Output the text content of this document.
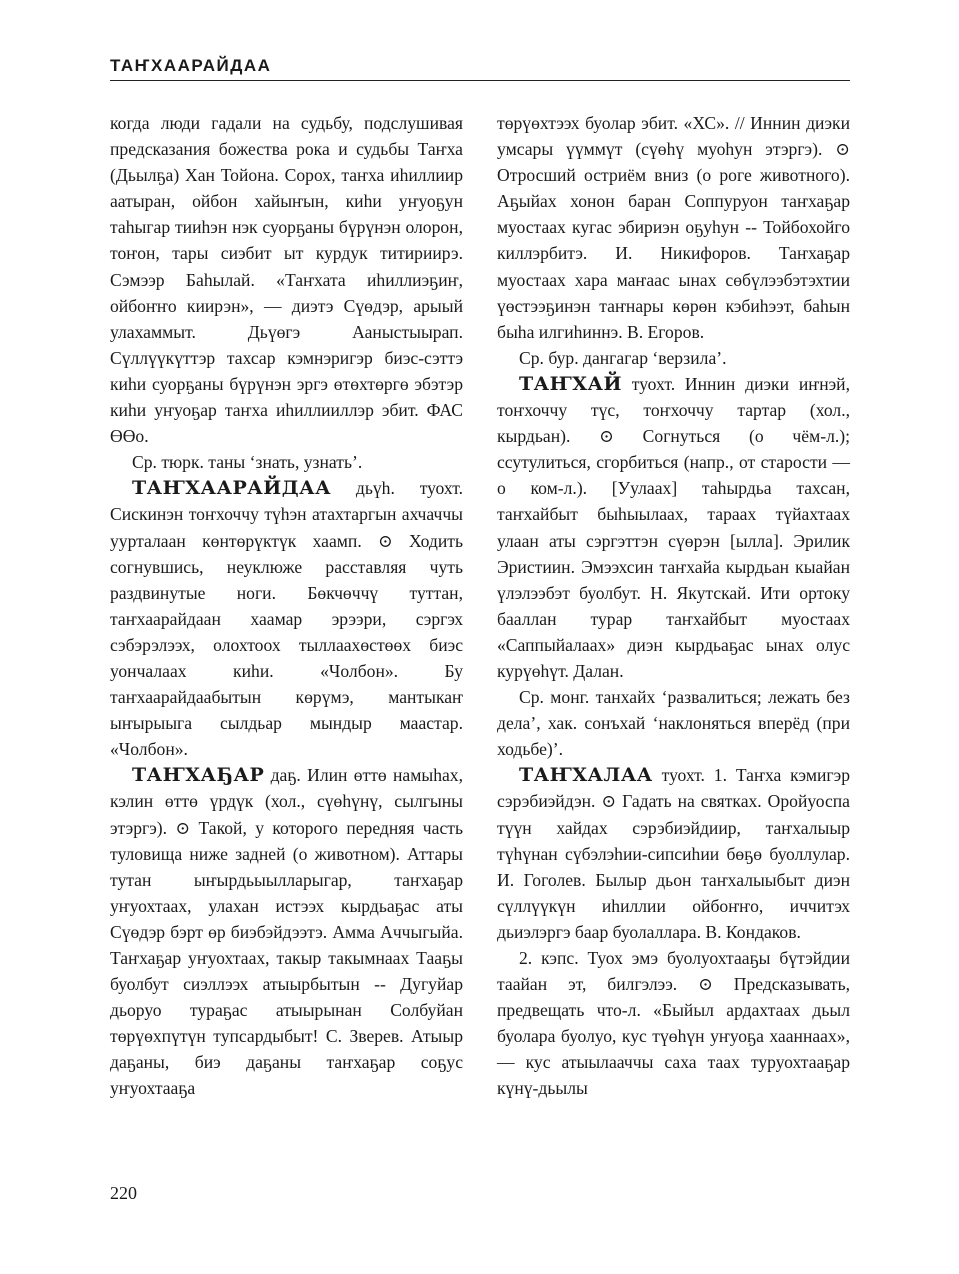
ТАҤХААРАЙДАА

когда люди гадали на судьбу, подслушивая предсказания божества рока и судьбы Таҥха (Дьылҕа) Хан Тойона. Сорох, таҥха иһиллиир аатыран, ойбон хайыҥын, киһи уҥуоҕун таһыгар тииһэн нэк суорҕаны бүрүнэн олорон, тоҥон, тары сиэбит ыт курдук титириирэ. Сэмээр Баһылай. «Таҥхата иһиллиэҕиҥ, ойбоҥҥо киирэн», — диэтэ Сүөдэр, арыый улахаммыт. Дьүөгэ Ааныстыырап. Сүллүүкүттэр тахсар кэмнэригэр биэс-сэттэ киһи суорҕаны бүрүнэн эргэ өтөхтөргө эбэтэр киһи уҥуоҕар таҥха иһиллииллэр эбит. ФАС ӨӨо.

Ср. тюрк. таны ‘знать, узнать’.

ТАҤХААРАЙДАА дьүһ. туохт. Сискинэн тоҥхоччу түһэн атахтаргын ахчаччы уурталаан көнтөрүктүк хаамп. ⊙ Ходить согнувшись, неуклюже расставляя чуть раздвинутые ноги. Бөкчөччү туттан, таҥхаарайдаан хаамар эрээри, сэргэх сэбэрэлээх, олохтоох тыллаахөстөөх биэс уончалаах киһи. «Чолбон». Бу таҥхаарайдаабытын көрүмэ, мантыкаҥ ыҥырыыга сылдьар мындыр маастар. «Чолбон».

ТАҤХАҔАР даҕ. Илин өттө намыһах, кэлин өттө үрдүк (хол., сүөһүнү, сылгыны этэргэ). ⊙ Такой, у которого передняя часть туловища ниже задней (о животном). Аттары тутан ыҥырдьыылларыгар, таҥхаҕар уҥуохтаах, улахан истээх кырдьаҕас аты Сүөдэр бэрт өр биэбэйдээтэ. Амма Аччыгыйа. Таҥхаҕар уҥуохтаах, такыр такымнаах Тааҕы буолбут сиэллээх атыырбытын -- Дугуйар дьоруо тураҕас атыырынан Солбуйан төрүөхпүтүн тупсардыбыт! С. Зверев. Атыыр даҕаны, биэ даҕаны таҥхаҕар соҕус уҥуохтааҕа

төрүөхтээх буолар эбит. «ХС». // Иннин диэки умсары үүммүт (сүөһү муоһун этэргэ). ⊙ Отросший остриём вниз (о роге животного). Аҕыйах хонон баран Соппуруон таҥхаҕар муостаах кугас эбириэн оҕуһун -- Тойбохойго киллэрбитэ. И. Никифоров. Таҥхаҕар муостаах хара маҥаас ынах сөбүлээбэтэхтии үөстээҕинэн таҥнары көрөн кэбиһээт, баһын быһа илгиһиннэ. В. Егоров.

Ср. бур. дангагар ‘верзила’.

ТАҤХАЙ туохт. Иннин диэки иҥнэй, тоҥхоччу түс, тоҥхоччу тартар (хол., кырдьан). ⊙ Согнуться (о чём-л.); ссутулиться, сгорбиться (напр., от старости — о ком-л.). [Уулаах] таһырдьа тахсан, таҥхайбыт быһыылаах, тараах түйахтаах улаан аты сэргэттэн сүөрэн [ылла]. Эрилик Эристиин. Эмээхсин таҥхайа кырдьан кыайан үлэлээбэт буолбут. Н. Якутскай. Ити ортоку бааллан турар таҥхайбыт муостаах «Саппыйалаах» диэн кырдьаҕас ынах олус курүөһүт. Далан.

Ср. монг. танхайх ‘развалиться; лежать без дела’, хак. сонъхай ‘наклоняться вперёд (при ходьбе)’.

ТАҤХАЛАА туохт. 1. Таҥха кэмигэр сэрэбиэйдэн. ⊙ Гадать на святках. Оройуоспа түүн хайдах сэрэбиэйдиир, таҥхалыыр түһүнан сүбэлэһии-сипсиһии бөҕө буоллулар. И. Гоголев. Былыр дьон таҥхалыыбыт диэн сүллүүкүн иһиллии ойбоҥҥо, иччитэх дьиэлэргэ баар буолаллара. В. Кондаков.

2. кэпс. Туох эмэ буолуохтааҕы бүтэйдии таайан эт, билгэлээ. ⊙ Предсказывать, предвещать что-л. «Быйыл ардахтаах дьыл буолара буолуо, кус түөһүн уҥуоҕа хааннаах», — кус атыылааччы саха таах туруохтааҕар күнү-дьылы

220
